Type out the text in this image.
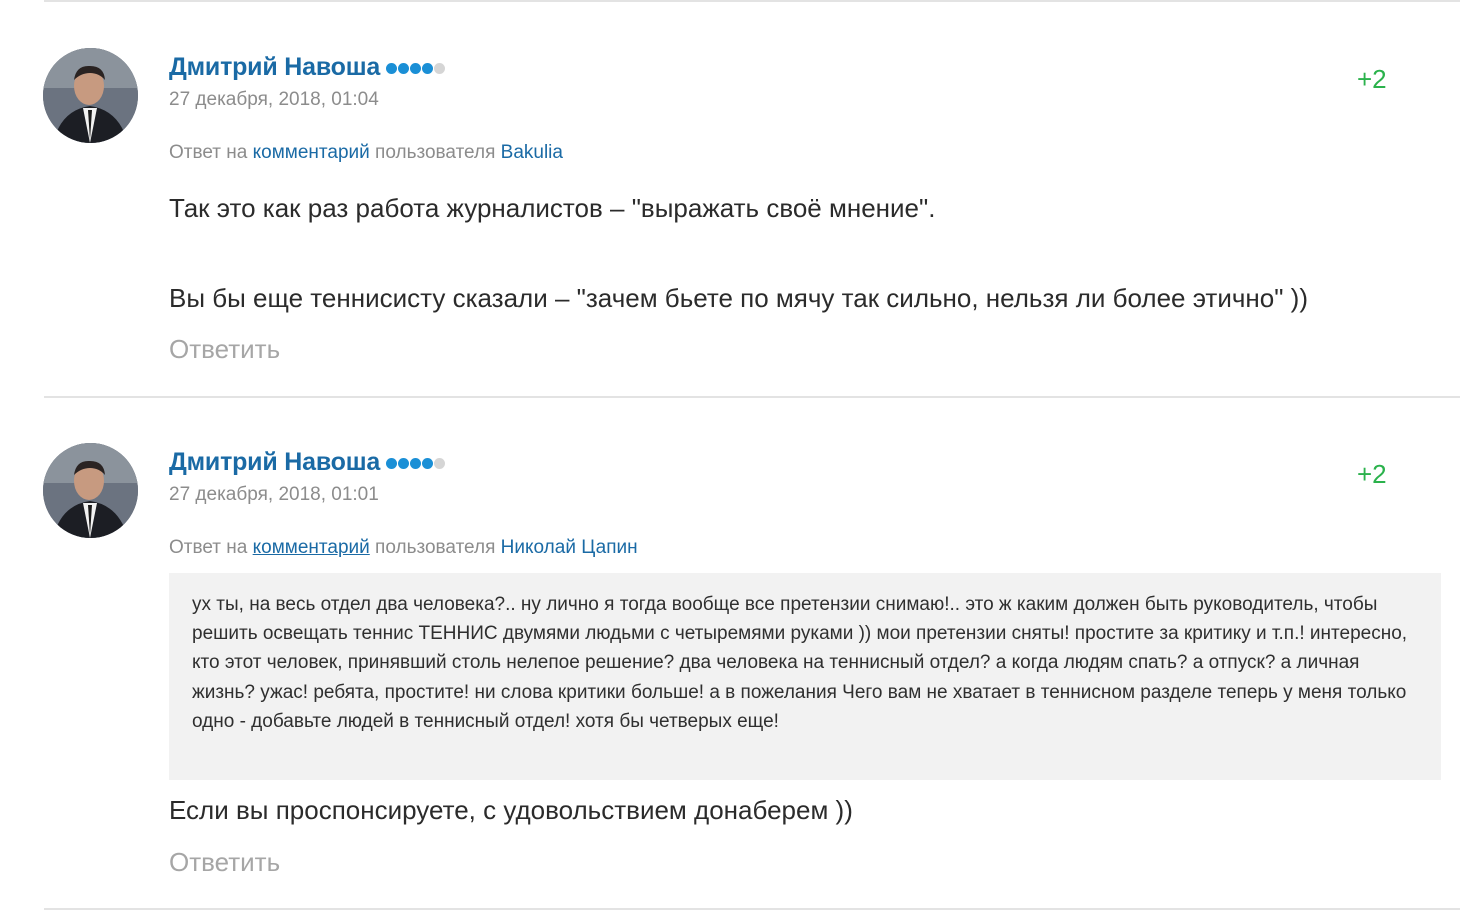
Дмитрий Навоша
27 декабря, 2018, 01:04
+2
Ответ на комментарий пользователя Bakulia
Так это как раз работа журналистов – "выражать своё мнение".
Вы бы еще теннисисту сказали – "зачем бьете по мячу так сильно, нельзя ли более этично" ))
Ответить
Дмитрий Навоша
27 декабря, 2018, 01:01
+2
Ответ на комментарий пользователя Николай Цапин
ух ты, на весь отдел два человека?.. ну лично я тогда вообще все претензии снимаю!.. это ж каким должен быть руководитель, чтобы решить освещать теннис ТЕННИС двумями людьми с четыремями руками )) мои претензии сняты! простите за критику и т.п.! интересно, кто этот человек, принявший столь нелепое решение? два человека на теннисный отдел? а когда людям спать? а отпуск? а личная жизнь? ужас! ребята, простите! ни слова критики больше! а в пожелания Чего вам не хватает в теннисном разделе теперь у меня только одно - добавьте людей в теннисный отдел! хотя бы четверых еще!
Если вы проспонсируете, с удовольствием донаберем ))
Ответить
